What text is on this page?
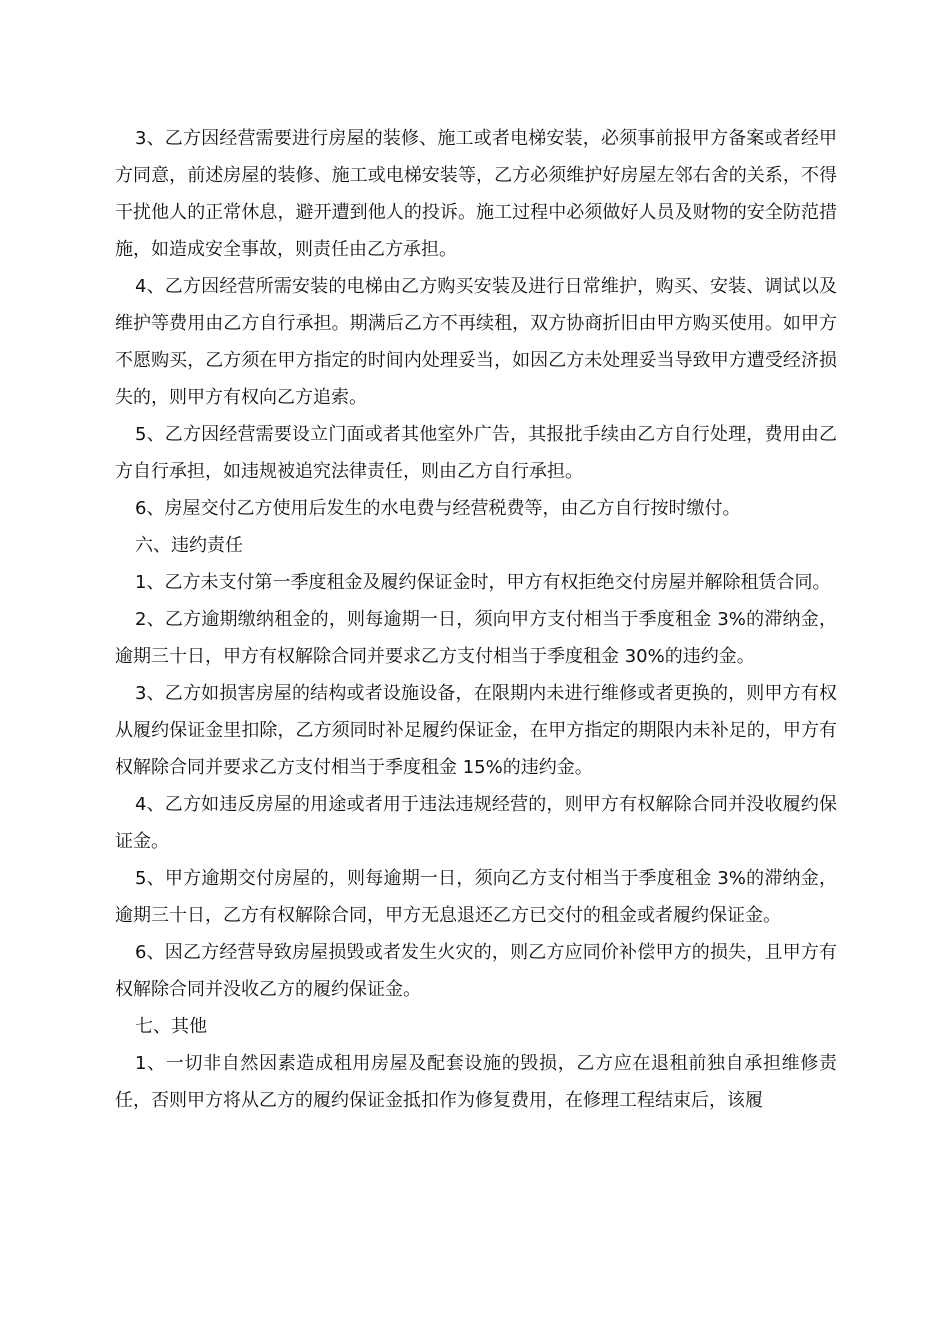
3、乙方因经营需要进行房屋的装修、施工或者电梯安装，必须事前报甲方备案或者经甲方同意，前述房屋的装修、施工或电梯安装等，乙方必须维护好房屋左邻右舍的关系，不得干扰他人的正常休息，避开遭到他人的投诉。施工过程中必须做好人员及财物的安全防范措施，如造成安全事故，则责任由乙方承担。

4、乙方因经营所需安装的电梯由乙方购买安装及进行日常维护，购买、安装、调试以及维护等费用由乙方自行承担。期满后乙方不再续租，双方协商折旧由甲方购买使用。如甲方不愿购买，乙方须在甲方指定的时间内处理妥当，如因乙方未处理妥当导致甲方遭受经济损失的，则甲方有权向乙方追索。

5、乙方因经营需要设立门面或者其他室外广告，其报批手续由乙方自行处理，费用由乙方自行承担，如违规被追究法律责任，则由乙方自行承担。

6、房屋交付乙方使用后发生的水电费与经营税费等，由乙方自行按时缴付。

六、违约责任

1、乙方未支付第一季度租金及履约保证金时，甲方有权拒绝交付房屋并解除租赁合同。

2、乙方逾期缴纳租金的，则每逾期一日，须向甲方支付相当于季度租金 3%的滞纳金，逾期三十日，甲方有权解除合同并要求乙方支付相当于季度租金 30%的违约金。

3、乙方如损害房屋的结构或者设施设备，在限期内未进行维修或者更换的，则甲方有权从履约保证金里扣除，乙方须同时补足履约保证金，在甲方指定的期限内未补足的，甲方有权解除合同并要求乙方支付相当于季度租金 15%的违约金。

4、乙方如违反房屋的用途或者用于违法违规经营的，则甲方有权解除合同并没收履约保证金。

5、甲方逾期交付房屋的，则每逾期一日，须向乙方支付相当于季度租金 3%的滞纳金，逾期三十日，乙方有权解除合同，甲方无息退还乙方已交付的租金或者履约保证金。

6、因乙方经营导致房屋损毁或者发生火灾的，则乙方应同价补偿甲方的损失，且甲方有权解除合同并没收乙方的履约保证金。

七、其他

1、一切非自然因素造成租用房屋及配套设施的毁损，乙方应在退租前独自承担维修责任，否则甲方将从乙方的履约保证金抵扣作为修复费用，在修理工程结束后，该履
